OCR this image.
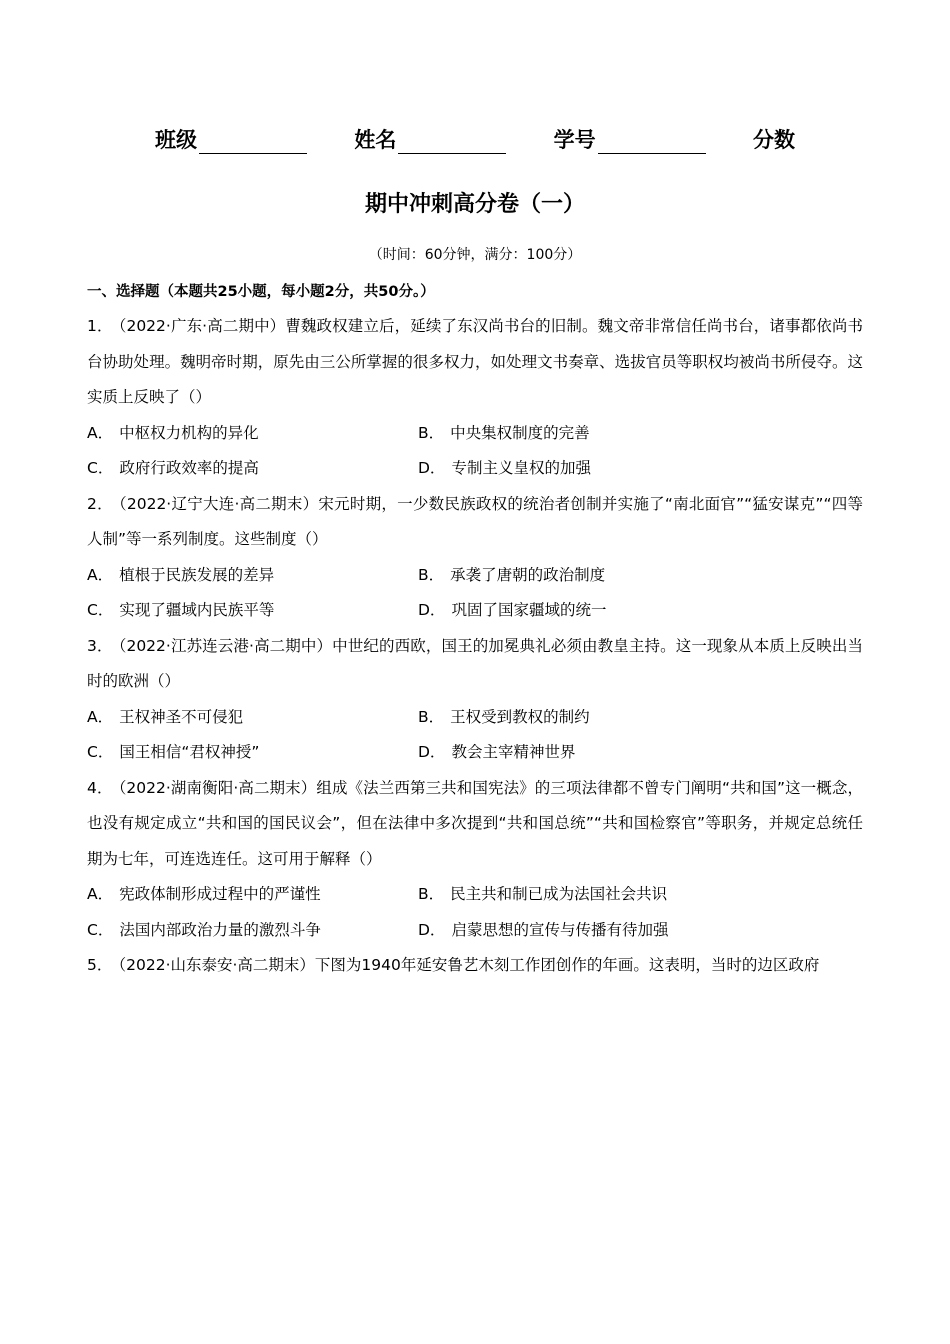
班级	姓名	学号	分数
期中冲刺高分卷（一）
（时间：60分钟，满分：100分）
一、选择题（本题共25小题，每小题2分，共50分。）
1． （2022·广东·高二期中）曹魏政权建立后，延续了东汉尚书台的旧制。魏文帝非常信任尚书台，诸事都依尚书台协助处理。魏明帝时期，原先由三公所掌握的很多权力，如处理文书奏章、选拔官员等职权均被尚书所侵夺。这实质上反映了（）
A． 中枢权力机构的异化	B． 中央集权制度的完善
C． 政府行政效率的提高	D． 专制主义皇权的加强
2． （2022·辽宁大连·高二期末）宋元时期，一少数民族政权的统治者创制并实施了“南北面官”“猛安谋克”“四等人制”等一系列制度。这些制度（）
A． 植根于民族发展的差异	B． 承袭了唐朝的政治制度
C． 实现了疆域内民族平等	D． 巩固了国家疆域的统一
3． （2022·江苏连云港·高二期中）中世纪的西欧，国王的加冕典礼必须由教皇主持。这一现象从本质上反映出当时的欧洲（）
A． 王权神圣不可侵犯	B． 王权受到教权的制约
C． 国王相信“君权神授”	D． 教会主宰精神世界
4． （2022·湖南衡阳·高二期末）组成《法兰西第三共和国宪法》的三项法律都不曾专门阐明“共和国”这一概念，也没有规定成立“共和国的国民议会”，但在法律中多次提到“共和国总统”“共和国检察官”等职务，并规定总统任期为七年，可连选连任。这可用于解释（）
A． 宪政体制形成过程中的严谨性	B． 民主共和制已成为法国社会共识
C． 法国内部政治力量的激烈斗争	D． 启蒙思想的宣传与传播有待加强
5． （2022·山东泰安·高二期末）下图为1940年延安鲁艺木刻工作团创作的年画。这表明，当时的边区政府
